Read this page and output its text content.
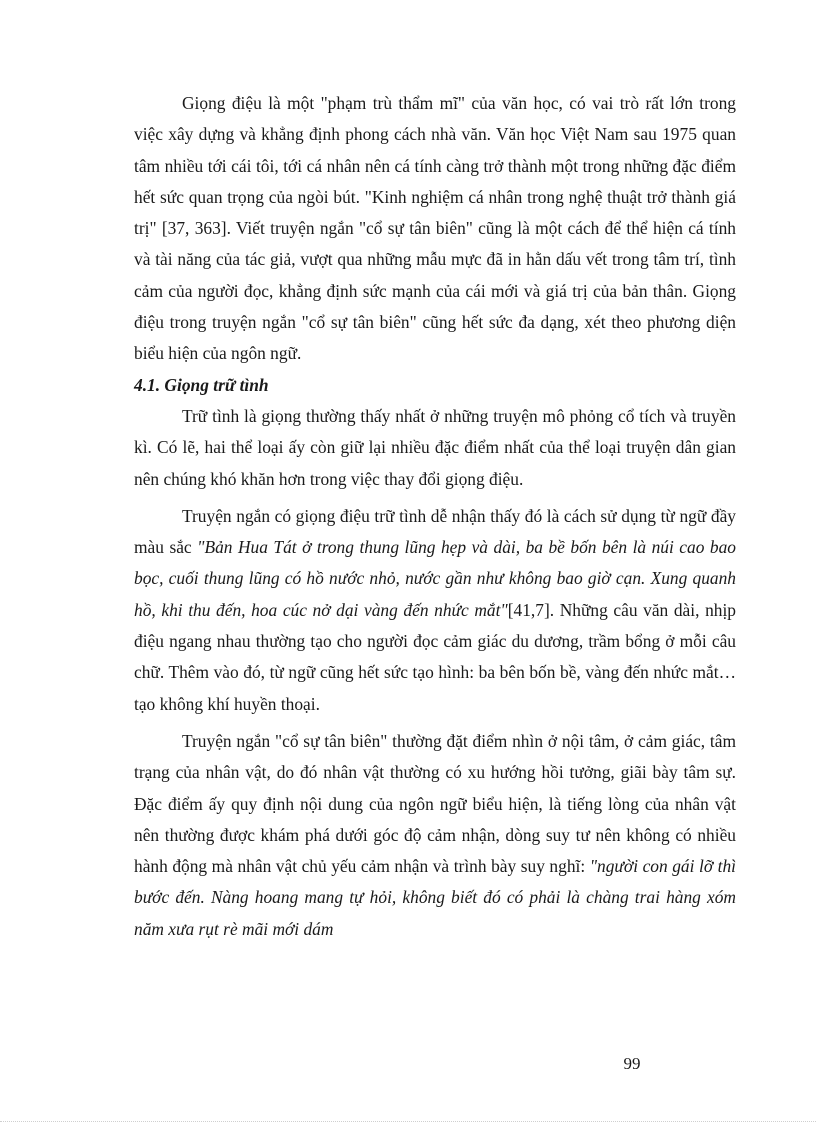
Giọng điệu là một "phạm trù thẩm mĩ" của văn học, có vai trò rất lớn trong việc xây dựng và khẳng định phong cách nhà văn. Văn học Việt Nam sau 1975 quan tâm nhiều tới cái tôi, tới cá nhân nên cá tính càng trở thành một trong những đặc điểm hết sức quan trọng của ngòi bút. "Kinh nghiệm cá nhân trong nghệ thuật trở thành giá trị" [37, 363]. Viết truyện ngắn "cổ sự tân biên" cũng là một cách để thể hiện cá tính và tài năng của tác giả, vượt qua những mẫu mực đã in hằn dấu vết trong tâm trí, tình cảm của người đọc, khẳng định sức mạnh của cái mới và giá trị của bản thân. Giọng điệu trong truyện ngắn "cổ sự tân biên" cũng hết sức đa dạng, xét theo phương diện biểu hiện của ngôn ngữ.

4.1. Giọng trữ tình

Trữ tình là giọng thường thấy nhất ở những truyện mô phỏng cổ tích và truyền kì. Có lẽ, hai thể loại ấy còn giữ lại nhiều đặc điểm nhất của thể loại truyện dân gian nên chúng khó khăn hơn trong việc thay đổi giọng điệu.

Truyện ngắn có giọng điệu trữ tình dễ nhận thấy đó là cách sử dụng từ ngữ đầy màu sắc "Bản Hua Tát ở trong thung lũng hẹp và dài, ba bề bốn bên là núi cao bao bọc, cuối thung lũng có hồ nước nhỏ, nước gần như không bao giờ cạn. Xung quanh hồ, khi thu đến, hoa cúc nở dại vàng đến nhức mắt"[41,7]. Những câu văn dài, nhịp điệu ngang nhau thường tạo cho người đọc cảm giác du dương, trầm bổng ở mỗi câu chữ. Thêm vào đó, từ ngữ cũng hết sức tạo hình: ba bên bốn bề, vàng đến nhức mắt… tạo không khí huyền thoại.

Truyện ngắn "cổ sự tân biên" thường đặt điểm nhìn ở nội tâm, ở cảm giác, tâm trạng của nhân vật, do đó nhân vật thường có xu hướng hồi tưởng, giãi bày tâm sự. Đặc điểm ấy quy định nội dung của ngôn ngữ biểu hiện, là tiếng lòng của nhân vật nên thường được khám phá dưới góc độ cảm nhận, dòng suy tư nên không có nhiều hành động mà nhân vật chủ yếu cảm nhận và trình bày suy nghĩ: "người con gái lỡ thì bước đến. Nàng hoang mang tự hỏi, không biết đó có phải là chàng trai hàng xóm năm xưa rụt rè mãi mới dám

99
